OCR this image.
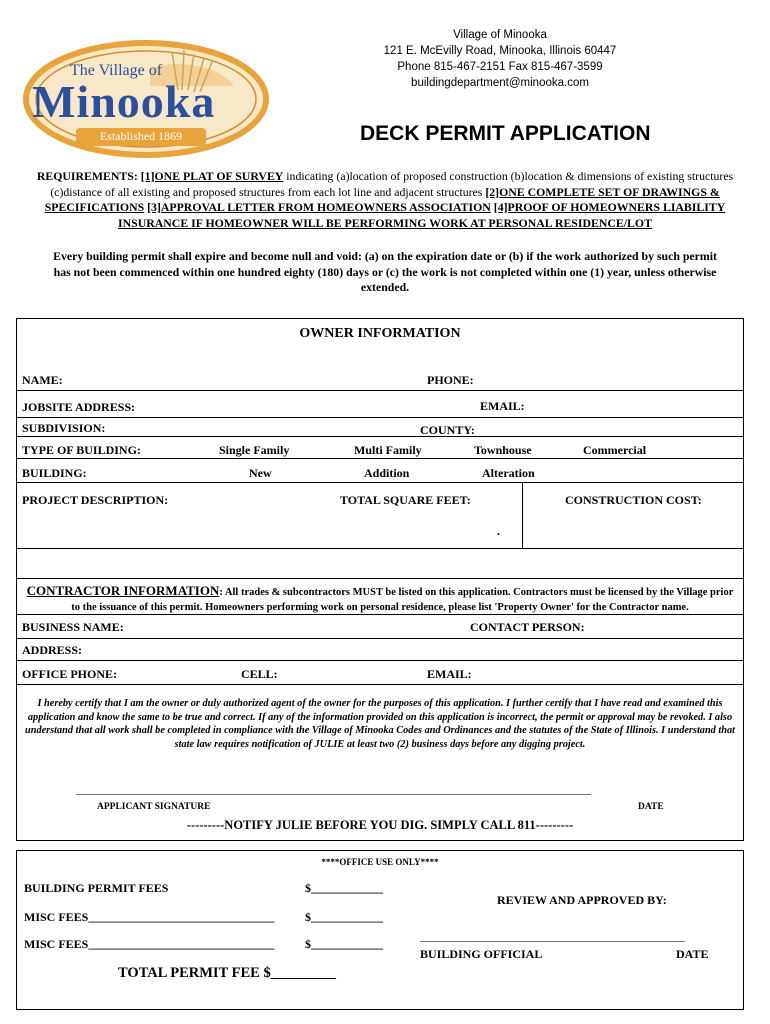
Village of Minooka
121 E. McEvilly Road, Minooka, Illinois 60447
Phone 815-467-2151 Fax 815-467-3599
buildingdepartment@minooka.com
The Village of
Minooka
Established 1869	DECK PERMIT APPLICATION
REQUIREMENTS: [1]ONE PLAT OF SURVEY indicating (a)location of proposed construction (b)location & dimensions of existing structures (c)distance of all existing and proposed structures from each lot line and adjacent structures [2]ONE COMPLETE SET OF DRAWINGS & SPECIFICATIONS [3]APPROVAL LETTER FROM HOMEOWNERS ASSOCIATION [4]PROOF OF HOMEOWNERS LIABILITY INSURANCE IF HOMEOWNER WILL BE PERFORMING WORK AT PERSONAL RESIDENCE/LOT
Every building permit shall expire and become null and void: (a) on the expiration date or (b) if the work authorized by such permit has not been commenced within one hundred eighty (180) days or (c) the work is not completed within one (1) year, unless otherwise extended.
OWNER INFORMATION
NAME:	PHONE:
JOBSITE ADDRESS:	EMAIL:
SUBDIVISION:	COUNTY:
TYPE OF BUILDING:	Single Family	Multi Family	Townhouse	Commercial
BUILDING:	New	Addition	Alteration
PROJECT DESCRIPTION:	TOTAL SQUARE FEET:	CONSTRUCTION COST:
.
CONTRACTOR INFORMATION: All trades & subcontractors MUST be listed on this application. Contractors must be licensed by the Village prior to the issuance of this permit. Homeowners performing work on personal residence, please list 'Property Owner' for the Contractor name.
BUSINESS NAME:	CONTACT PERSON:
ADDRESS:
OFFICE PHONE:	CELL:	EMAIL:
I hereby certify that I am the owner or duly authorized agent of the owner for the purposes of this application. I further certify that I have read and examined this application and know the same to be true and correct. If any of the information provided on this application is incorrect, the permit or approval may be revoked. I also understand that all work shall be completed in compliance with the Village of Minooka Codes and Ordinances and the statutes of the State of Illinois. I understand that state law requires notification of JULIE at least two (2) business days before any digging project.
_______________________________________________________________________________________________________
APPLICANT SIGNATURE	DATE
---------NOTIFY JULIE BEFORE YOU DIG. SIMPLY CALL 811---------
****OFFICE USE ONLY****
BUILDING PERMIT FEES	$____________
REVIEW AND APPROVED BY:
MISC FEES_______________________________	$____________
MISC FEES_______________________________	$____________	_____________________________________________________
BUILDING OFFICIAL	DATE
TOTAL PERMIT FEE $_________
